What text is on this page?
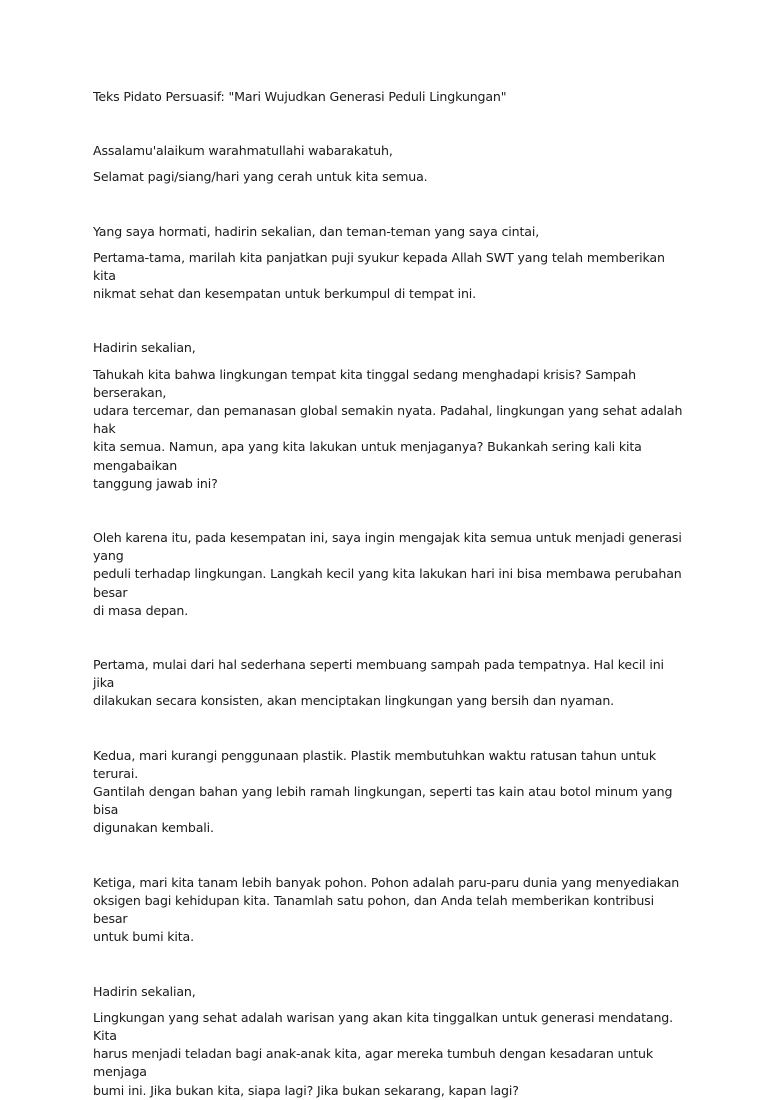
Teks Pidato Persuasif: "Mari Wujudkan Generasi Peduli Lingkungan"

Assalamu'alaikum warahmatullahi wabarakatuh,

Selamat pagi/siang/hari yang cerah untuk kita semua.

Yang saya hormati, hadirin sekalian, dan teman-teman yang saya cintai,

Pertama-tama, marilah kita panjatkan puji syukur kepada Allah SWT yang telah memberikan kita
nikmat sehat dan kesempatan untuk berkumpul di tempat ini.

Hadirin sekalian,

Tahukah kita bahwa lingkungan tempat kita tinggal sedang menghadapi krisis? Sampah berserakan,
udara tercemar, dan pemanasan global semakin nyata. Padahal, lingkungan yang sehat adalah hak
kita semua. Namun, apa yang kita lakukan untuk menjaganya? Bukankah sering kali kita mengabaikan
tanggung jawab ini?

Oleh karena itu, pada kesempatan ini, saya ingin mengajak kita semua untuk menjadi generasi yang
peduli terhadap lingkungan. Langkah kecil yang kita lakukan hari ini bisa membawa perubahan besar
di masa depan.

Pertama, mulai dari hal sederhana seperti membuang sampah pada tempatnya. Hal kecil ini jika
dilakukan secara konsisten, akan menciptakan lingkungan yang bersih dan nyaman.

Kedua, mari kurangi penggunaan plastik. Plastik membutuhkan waktu ratusan tahun untuk terurai.
Gantilah dengan bahan yang lebih ramah lingkungan, seperti tas kain atau botol minum yang bisa
digunakan kembali.

Ketiga, mari kita tanam lebih banyak pohon. Pohon adalah paru-paru dunia yang menyediakan
oksigen bagi kehidupan kita. Tanamlah satu pohon, dan Anda telah memberikan kontribusi besar
untuk bumi kita.

Hadirin sekalian,

Lingkungan yang sehat adalah warisan yang akan kita tinggalkan untuk generasi mendatang. Kita
harus menjadi teladan bagi anak-anak kita, agar mereka tumbuh dengan kesadaran untuk menjaga
bumi ini. Jika bukan kita, siapa lagi? Jika bukan sekarang, kapan lagi?
